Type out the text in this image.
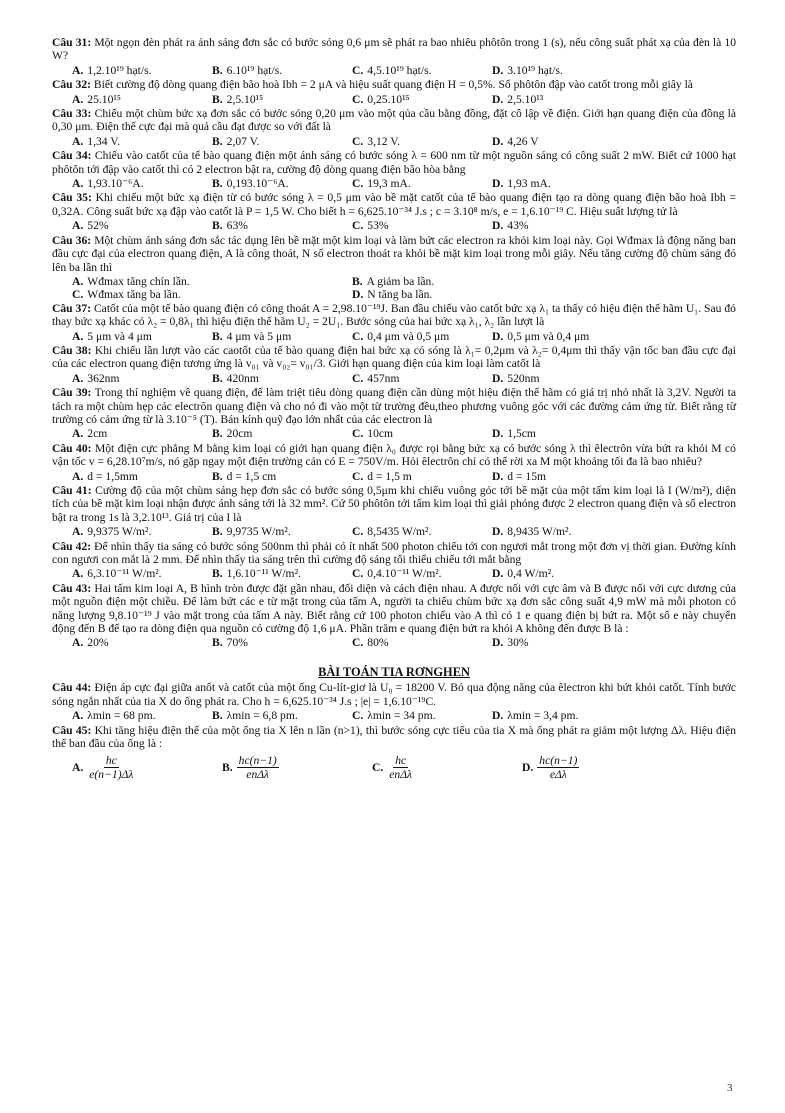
Câu 31: Một ngọn đèn phát ra ánh sáng đơn sắc có bước sóng 0,6 μm sẽ phát ra bao nhiêu phôtôn trong 1 (s), nếu công suất phát xạ của đèn là 10 W?
A. 1,2.10¹⁹ hạt/s.	B. 6.10¹⁹ hạt/s.	C. 4,5.10¹⁹ hạt/s.	D. 3.10¹⁹ hạt/s.
Câu 32: Biết cường độ dòng quang điện bão hoà Ibh = 2 μA và hiệu suất quang điện H = 0,5%. Số phôtôn đập vào catốt trong mỗi giây là
A. 25.10¹⁵	B. 2,5.10¹⁵	C. 0,25.10¹⁵	D. 2,5.10¹³
Câu 33: Chiếu một chùm bức xạ đơn sắc có bước sóng 0,20 μm vào một qủa cầu bằng đồng, đặt cô lập về điện. Giới hạn quang điện của đồng là 0,30 μm. Điện thế cực đại mà quả cầu đạt được so với đất là
A. 1,34 V.	B. 2,07 V.	C. 3,12 V.	D. 4,26 V
Câu 34: Chiếu vào catốt của tế bào quang điện một ánh sáng có bước sóng λ = 600 nm từ một nguồn sáng có công suất 2 mW. Biết cứ 1000 hạt phôtôn tới đập vào catốt thì có 2 electron bật ra, cường độ dòng quang điện bão hòa bằng
A. 1,93.10⁻⁶A.	B. 0,193.10⁻⁶A.	C. 19,3 mA.	D. 1,93 mA.
Câu 35: Khi chiếu một bức xạ điện từ có bước sóng λ = 0,5 μm vào bề mặt catốt của tế bào quang điện tạo ra dòng quang điện bão hoà Ibh = 0,32A. Công suất bức xạ đập vào catốt là P = 1,5 W. Cho biết h = 6,625.10⁻³⁴ J.s ; c = 3.10⁸ m/s, e = 1,6.10⁻¹⁹ C. Hiệu suất lượng tử là
A. 52%	B. 63%	C. 53%	D. 43%
Câu 36: Một chùm ánh sáng đơn sắc tác dụng lên bề mặt một kim loại và làm bứt các electron ra khỏi kim loại này. Gọi Wđmax là động năng ban đầu cực đại của electron quang điện, A là công thoát, N số electron thoát ra khỏi bề mặt kim loại trong mỗi giây. Nếu tăng cường độ chùm sáng đó lên ba lần thì
A. Wđmax tăng chín lần.	B. A giảm ba lần.
C. Wđmax tăng ba lần.	D. N tăng ba lần.
Câu 37: Catốt của một tế bào quang điện có công thoát A = 2,98.10⁻¹⁹J. Ban đầu chiếu vào catốt bức xạ λ₁ ta thấy có hiệu điện thế hãm U₁. Sau đó thay bức xạ khác có λ₂ = 0,8λ₁ thì hiệu điện thế hãm U₂ = 2U₁. Bước sóng của hai bức xạ λ₁, λ₂ lần lượt là
A. 5 μm và 4 μm	B. 4 μm và 5 μm	C. 0,4 μm và 0,5 μm	D. 0,5 μm và 0,4 μm
Câu 38: Khi chiếu lần lượt vào các caotốt của tế bào quang điện hai bức xạ có sóng là λ₁= 0,2μm và λ₂= 0,4μm thì thấy vận tốc ban đầu cực đại của các electron quang điện tương ứng là v₀₁ và v₀₂= v₀₁/3. Giới hạn quang điện của kim loại làm catốt là
A. 362nm	B. 420nm	C. 457nm	D. 520nm
Câu 39: Trong thí nghiệm về quang điện, để làm triệt tiêu dòng quang điện cần dùng một hiệu điện thế hãm có giá trị nhỏ nhất là 3,2V. Người ta tách ra một chùm hẹp các electrôn quang điện và cho nó đi vào một từ trường đều,theo phương vuông góc với các đường cảm ứng từ. Biết rằng từ trường có cảm ứng từ là 3.10⁻⁵ (T). Bán kính quỹ đạo lớn nhất của các electron là
A. 2cm	B. 20cm	C. 10cm	D. 1,5cm
Câu 40: Một điện cực phẳng M bằng kim loại có giới hạn quang điện λ₀ được rọi bằng bức xạ có bước sóng λ thì êlectrôn vừa bứt ra khỏi M có vận tốc v = 6,28.10⁷m/s, nó gặp ngay một điện trường cản có E = 750V/m. Hỏi êlectrôn chỉ có thể rời xa M một khoảng tối đa là bao nhiêu?
A. d = 1,5mm	B. d = 1,5 cm	C. d = 1,5 m	D. d = 15m
Câu 41: Cường độ của một chùm sáng hẹp đơn sắc có bước sóng 0,5μm khi chiếu vuông góc tới bề mặt của một tấm kim loại là I (W/m²), diện tích của bề mặt kim loại nhận được ánh sáng tới là 32 mm². Cứ 50 phôtôn tới tấm kim loại thì giải phóng được 2 electron quang điện và số electron bật ra trong 1s là 3,2.10¹³. Giá trị của I là
A. 9,9375 W/m².	B. 9,9735 W/m².	C. 8,5435 W/m².	D. 8,9435 W/m².
Câu 42: Để nhìn thấy tia sáng có bước sóng 500nm thì phải có ít nhất 500 photon chiếu tới con ngươi mắt trong một đơn vị thời gian. Đường kính con ngươi con mắt là 2 mm. Để nhìn thấy tia sáng trên thì cường độ sáng tối thiểu chiếu tới mắt bằng
A. 6,3.10⁻¹¹ W/m².	B. 1,6.10⁻¹¹ W/m².	C. 0,4.10⁻¹¹ W/m².	D. 0,4 W/m².
Câu 43: Hai tấm kim loại A, B hình tròn được đặt gần nhau, đối diện và cách điện nhau. A được nối với cực âm và B được nối với cực dương của một nguồn điện một chiều. Để làm bứt các e từ mặt trong của tấm A, người ta chiếu chùm bức xạ đơn sắc công suất 4,9 mW mà mỗi photon có năng lượng 9,8.10⁻¹⁹ J vào mặt trong của tấm A này. Biết rằng cứ 100 photon chiếu vào A thì có 1 e quang điện bị bứt ra. Một số e này chuyển động đến B để tạo ra dòng điện qua nguồn có cường độ 1,6 μA. Phần trăm e quang điện bứt ra khỏi A không đến được B là :
A. 20%	B. 70%	C. 80%	D. 30%
BÀI TOÁN TIA RƠNGHEN
Câu 44: Điện áp cực đại giữa anốt và catốt của một ống Cu-lít-giơ là U₀ = 18200 V. Bỏ qua động năng của êlectron khi bứt khỏi catốt. Tính bước sóng ngắn nhất của tia X do ống phát ra. Cho h = 6,625.10⁻³⁴ J.s ; |e| = 1,6.10⁻¹⁹C.
A. λmin = 68 pm.	B. λmin = 6,8 pm.	C. λmin = 34 pm.	D. λmin = 3,4 pm.
Câu 45: Khi tăng hiệu điện thế của một ống tia X lên n lần (n>1), thì bước sóng cực tiểu của tia X mà ống phát ra giảm một lượng Δλ. Hiệu điện thế ban đầu của ống là :
A. $\frac{hc}{e(n-1)\Delta\lambda}$	B. $\frac{hc(n-1)}{\text{enΔλ}}$	C. $\frac{hc}{\text{enΔλ}}$	D. $\frac{hc(n-1)}{\text{eΔλ}}$
3
